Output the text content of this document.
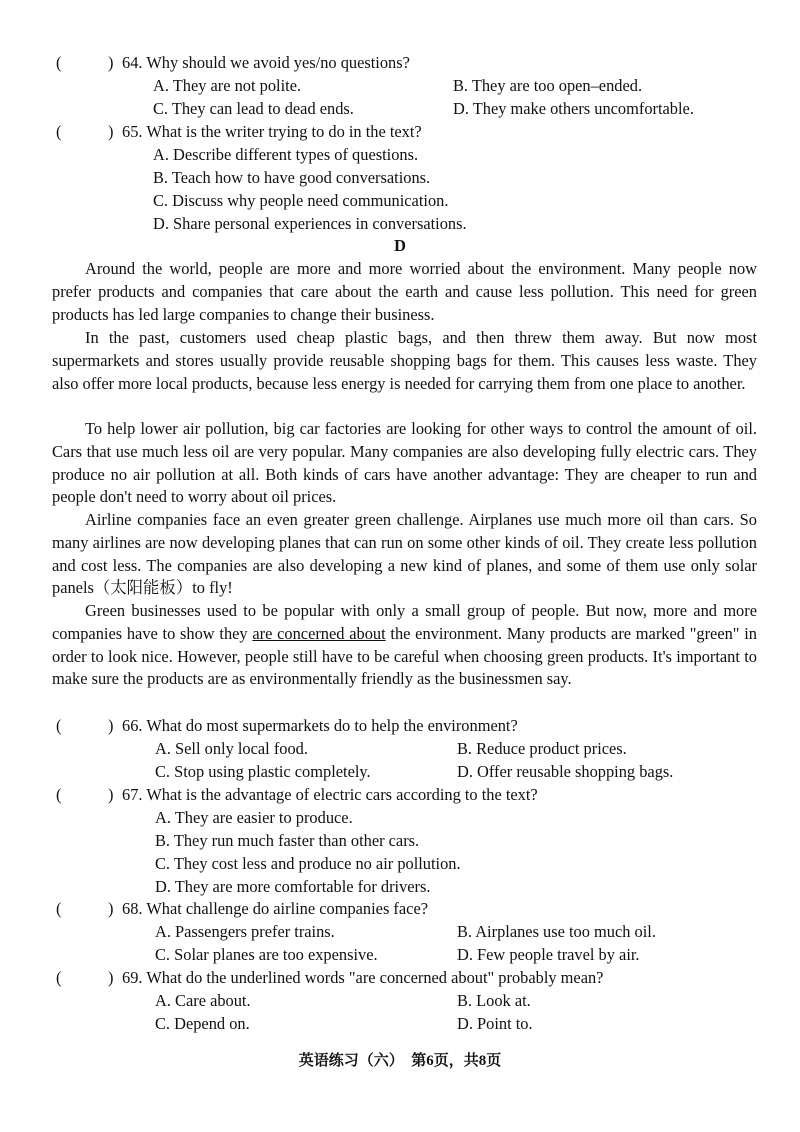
(	) 64. Why should we avoid yes/no questions?
A. They are not polite.	B. They are too open–ended.
C. They can lead to dead ends.	D. They make others uncomfortable.
(	) 65. What is the writer trying to do in the text?
A. Describe different types of questions.
B. Teach how to have good conversations.
C. Discuss why people need communication.
D. Share personal experiences in conversations.
D

Around the world, people are more and more worried about the environment. Many people now prefer products and companies that care about the earth and cause less pollution. This need for green products has led large companies to change their business.

In the past, customers used cheap plastic bags, and then threw them away. But now most supermarkets and stores usually provide reusable shopping bags for them. This causes less waste. They also offer more local products, because less energy is needed for carrying them from one place to another.

To help lower air pollution, big car factories are looking for other ways to control the amount of oil. Cars that use much less oil are very popular. Many companies are also developing fully electric cars. They produce no air pollution at all. Both kinds of cars have another advantage: They are cheaper to run and people don't need to worry about oil prices.

Airline companies face an even greater green challenge. Airplanes use much more oil than cars. So many airlines are now developing planes that can run on some other kinds of oil. They create less pollution and cost less. The companies are also developing a new kind of planes, and some of them use only solar panels（太阳能板）to fly!

Green businesses used to be popular with only a small group of people. But now, more and more companies have to show they are concerned about the environment. Many products are marked "green" in order to look nice. However, people still have to be careful when choosing green products. It's important to make sure the products are as environmentally friendly as the businessmen say.

(	) 66. What do most supermarkets do to help the environment?
A. Sell only local food.	B. Reduce product prices.
C. Stop using plastic completely.	D. Offer reusable shopping bags.
(	) 67. What is the advantage of electric cars according to the text?
A. They are easier to produce.
B. They run much faster than other cars.
C. They cost less and produce no air pollution.
D. They are more comfortable for drivers.
(	) 68. What challenge do airline companies face?
A. Passengers prefer trains.	B. Airplanes use too much oil.
C. Solar planes are too expensive.	D. Few people travel by air.
(	) 69. What do the underlined words "are concerned about" probably mean?
A. Care about.	B. Look at.
C. Depend on.	D. Point to.
英语练习（六）　第6页，共8页
